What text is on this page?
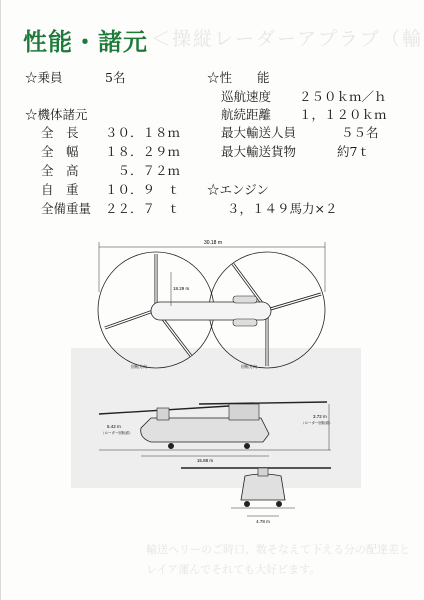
＜操縦レーダーアプラブ（輸
性能・諸元
☆乗員	5名
☆機体諸元
全　長 ３０．１８ｍ
全　幅 １８．２９ｍ
全　高 　５．７２ｍ
自　重 １０．９　ｔ
全備重量 ２２．７　ｔ
☆性　　能
巡航速度 ２５０ｋｍ／ｈ
航続距離 １，１２０ｋｍ
最大輸送人員	５５名
最大輸送貨物	約7ｔ
☆エンジン
３，１４９馬力×２
30.18 m
18.29 m
回転方向	回転方向
3.72 m
（ローター回転面）
5.42 m
（ローター回転面）
15.88 m
4.78 m
輸送ヘリーのご時口、数そなえて下える分の配達差とレイア運んでそれても大好ビます。
